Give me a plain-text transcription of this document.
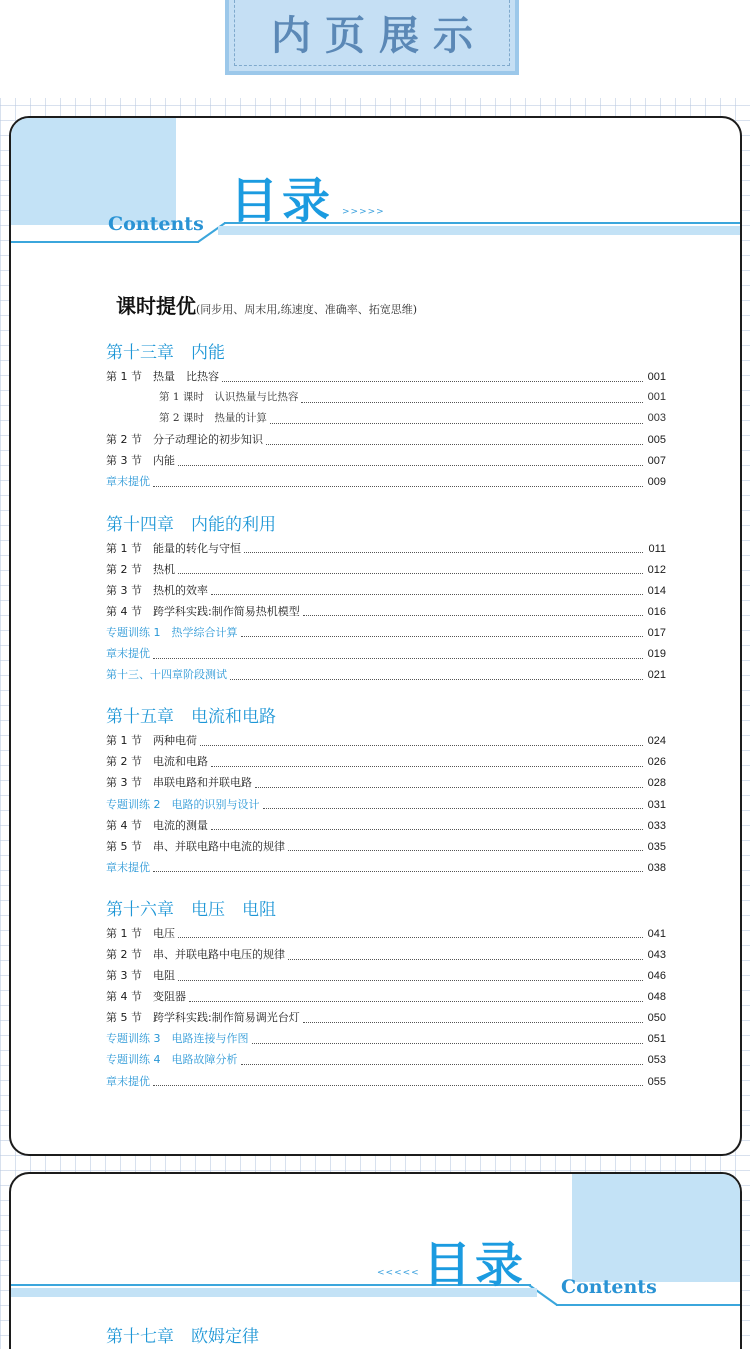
内页展示
目录 >>>>>
Contents
课时提优(同步用、周末用,练速度、准确率、拓宽思维)
第十三章　内能
第 1 节　热量　比热容	001
第 1 课时　认识热量与比热容	001
第 2 课时　热量的计算	003
第 2 节　分子动理论的初步知识	005
第 3 节　内能	007
章末提优	009
第十四章　内能的利用
第 1 节　能量的转化与守恒	011
第 2 节　热机	012
第 3 节　热机的效率	014
第 4 节　跨学科实践:制作简易热机模型	016
专题训练 1　热学综合计算	017
章末提优	019
第十三、十四章阶段测试	021
第十五章　电流和电路
第 1 节　两种电荷	024
第 2 节　电流和电路	026
第 3 节　串联电路和并联电路	028
专题训练 2　电路的识别与设计	031
第 4 节　电流的测量	033
第 5 节　串、并联电路中电流的规律	035
章末提优	038
第十六章　电压　电阻
第 1 节　电压	041
第 2 节　串、并联电路中电压的规律	043
第 3 节　电阻	046
第 4 节　变阻器	048
第 5 节　跨学科实践:制作简易调光台灯	050
专题训练 3　电路连接与作图	051
专题训练 4　电路故障分析	053
章末提优	055
目录
<<<<<
Contents
第十七章　欧姆定律
